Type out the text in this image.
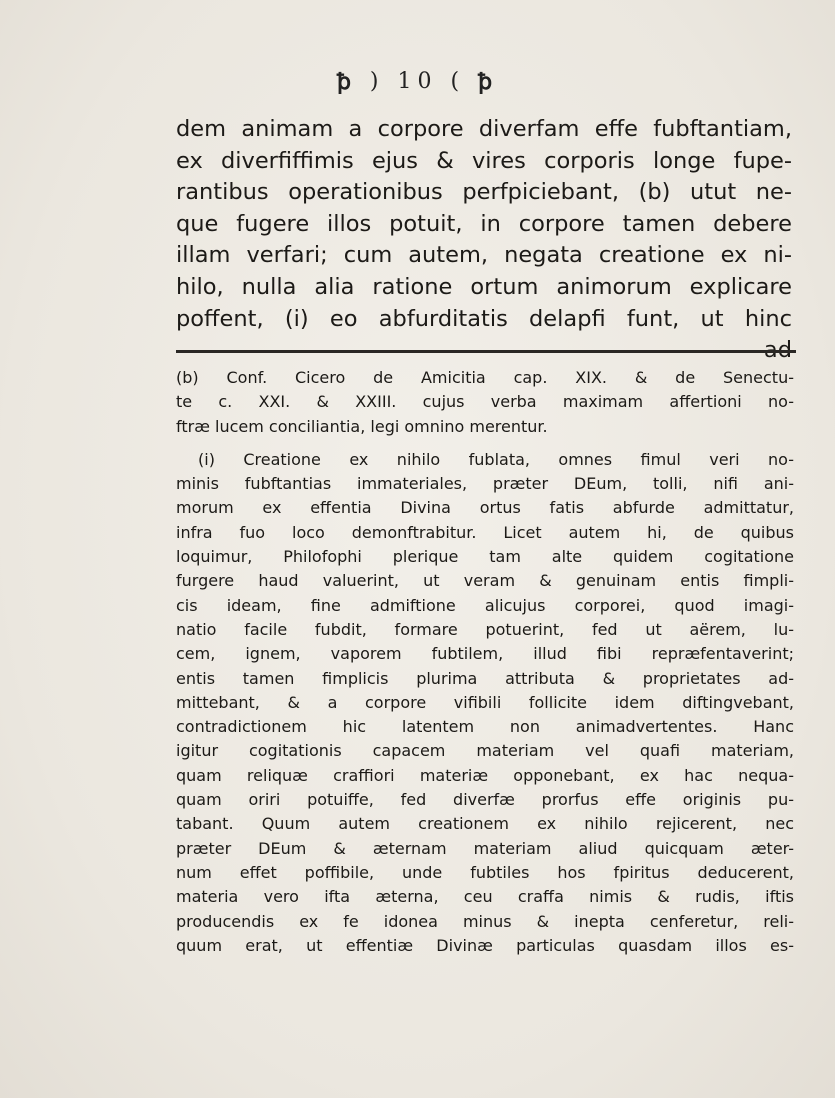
ꝥ ) 10 ( ꝥ
dem animam a corpore diverfam effe fubftantiam,
ex diverfiffimis ejus & vires corporis longe fupe-
rantibus operationibus perfpiciebant, (b) utut ne-
que fugere illos potuit, in corpore tamen debere
illam verfari; cum autem, negata creatione ex ni-
hilo, nulla alia ratione ortum animorum explicare
poffent, (i) eo abfurditatis delapfi funt, ut hinc
ad
(b) Conf. Cicero de Amicitia cap. XIX. & de Senectu-
te c. XXI. & XXIII. cujus verba maximam affertioni no-
ftræ lucem conciliantia, legi omnino merentur.
(i) Creatione ex nihilo fublata, omnes fimul veri no-
minis fubftantias immateriales, præter DEum, tolli, nifi ani-
morum ex effentia Divina ortus fatis abfurde admittatur,
infra fuo loco demonftrabitur. Licet autem hi, de quibus
loquimur, Philofophi plerique tam alte quidem cogitatione
furgere haud valuerint, ut veram & genuinam entis fimpli-
cis ideam, fine admiftione alicujus corporei, quod imagi-
natio facile fubdit, formare potuerint, fed ut aërem, lu-
cem, ignem, vaporem fubtilem, illud fibi repræfentaverint;
entis tamen fimplicis plurima attributa & proprietates ad-
mittebant, & a corpore vifibili follicite idem diftingvebant,
contradictionem hic latentem non animadvertentes. Hanc
igitur cogitationis capacem materiam vel quafi materiam,
quam reliquæ craffiori materiæ opponebant, ex hac nequa-
quam oriri potuiffe, fed diverfæ prorfus effe originis pu-
tabant. Quum autem creationem ex nihilo rejicerent, nec
præter DEum & æternam materiam aliud quicquam æter-
num effet poffibile, unde fubtiles hos fpiritus deducerent,
materia vero ifta æterna, ceu craffa nimis & rudis, iftis
producendis ex fe idonea minus & inepta cenferetur, reli-
quum erat, ut effentiæ Divinæ particulas quasdam illos es-
